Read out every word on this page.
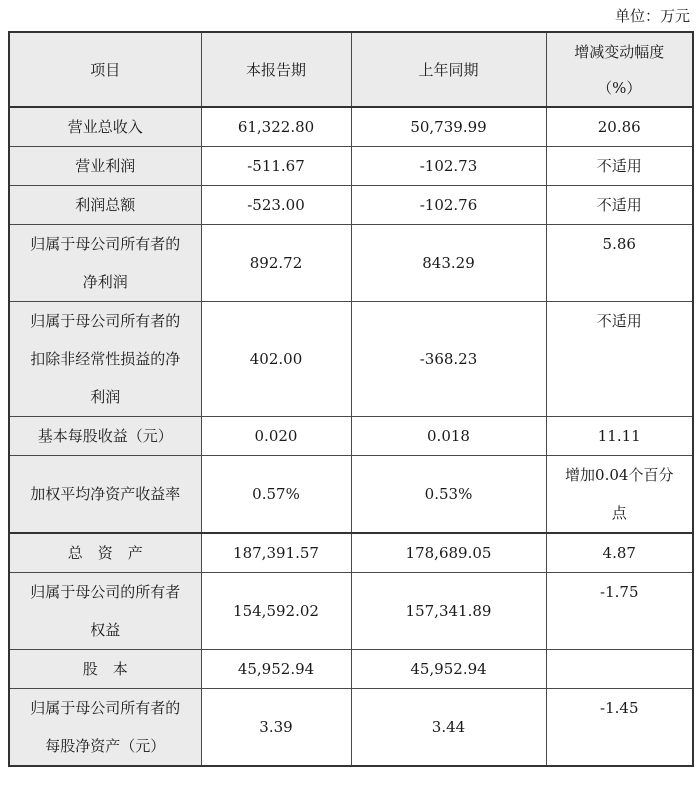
单位：万元
项目	本报告期	上年同期	增减变动幅度
（%）

营业总收入	61,322.80	50,739.99	20.86
营业利润	-511.67	-102.73	不适用
利润总额	-523.00	-102.76	不适用
归属于母公司所有者的净利润	892.72	843.29	5.86
归属于母公司所有者的扣除非经常性损益的净利润	402.00	-368.23	不适用
基本每股收益（元）	0.020	0.018	11.11
加权平均净资产收益率	0.57%	0.53%	增加0.04个百分点
总　资　产	187,391.57	178,689.05	4.87
归属于母公司的所有者权益	154,592.02	157,341.89	-1.75
股　本	45,952.94	45,952.94	
归属于母公司所有者的每股净资产（元）	3.39	3.44	-1.45
